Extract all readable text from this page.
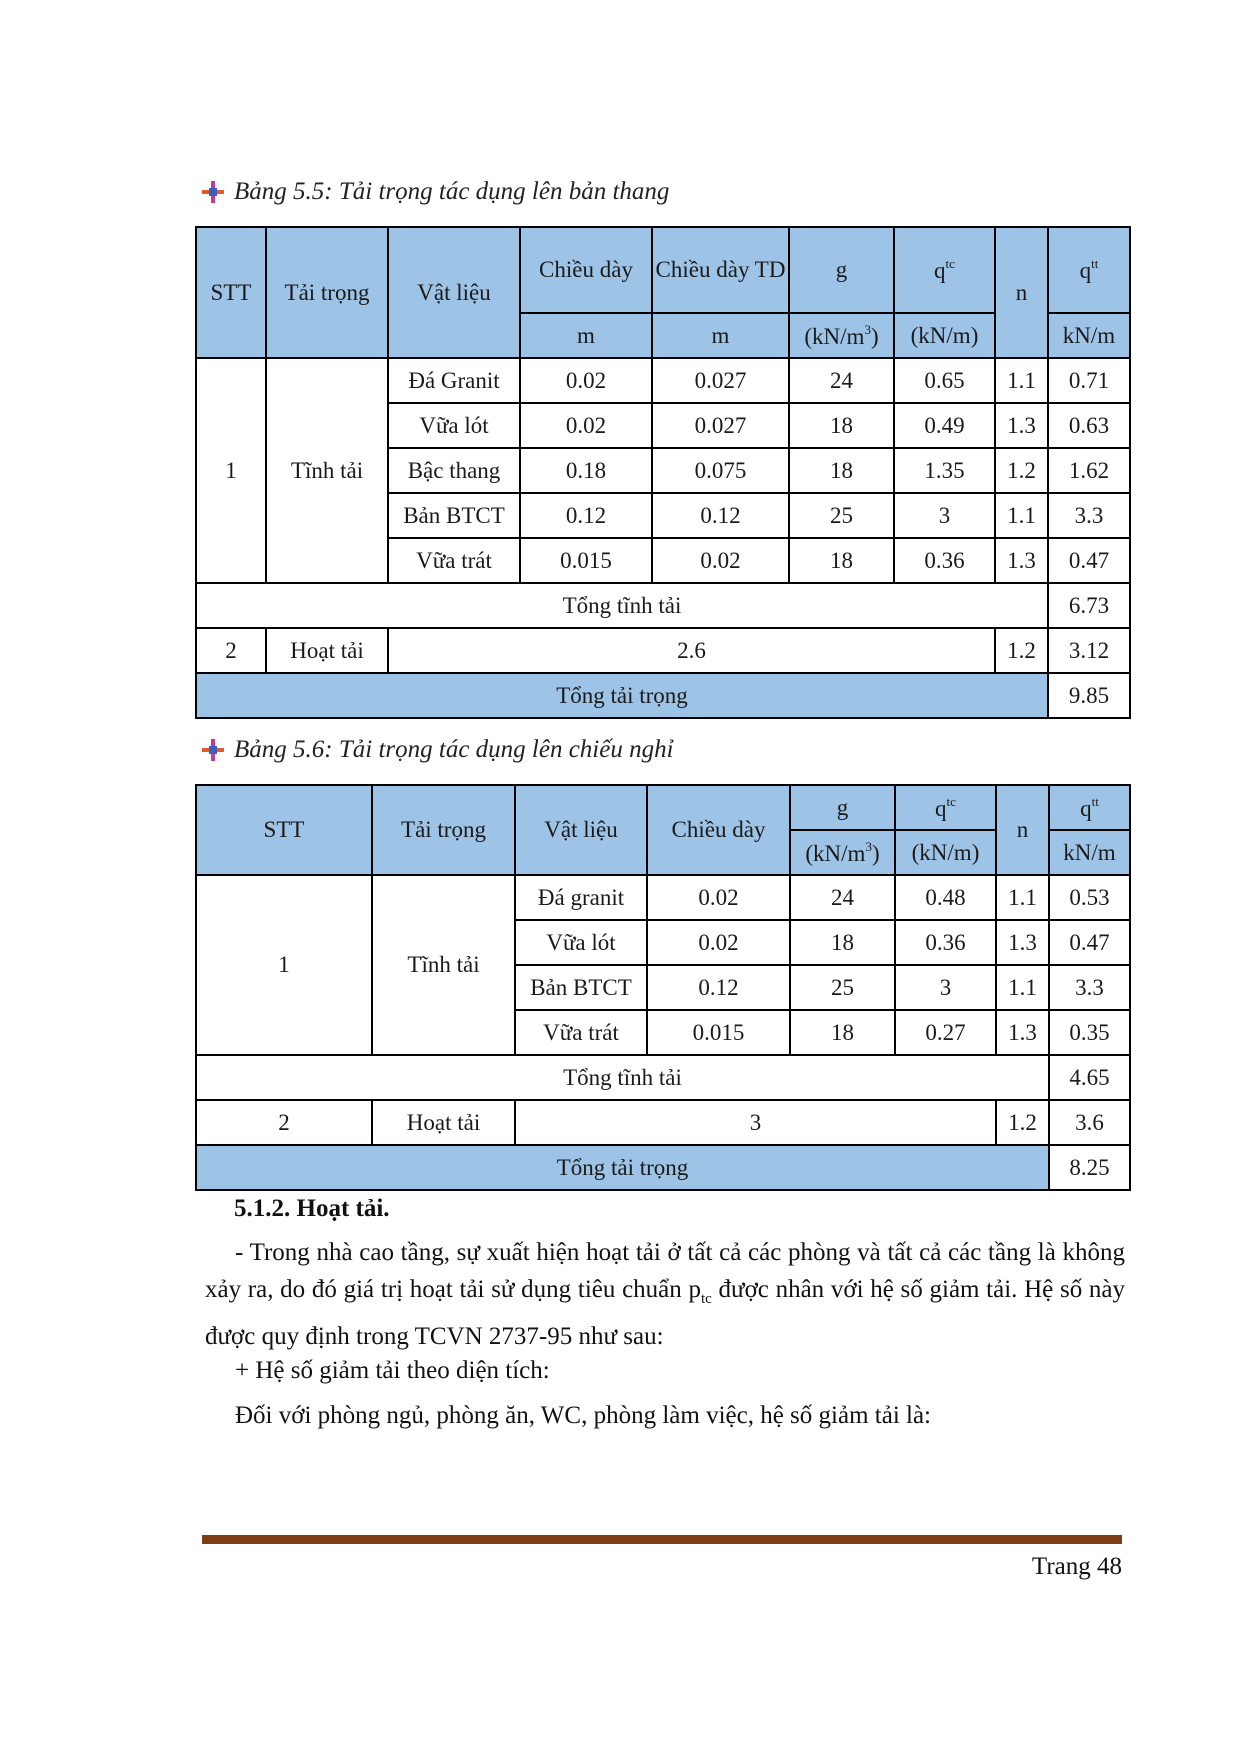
Bảng 5.5: Tải trọng tác dụng lên bản thang
STT	Tải trọng	Vật liệu	Chiều dày	Chiều dày TD	g	$q^{tc}$	n	$q^{tt}$
			m	m	$(kN/m^3)$	(kN/m)		kN/m
1	Tĩnh tải	Đá Granit	0.02	0.027	24	0.65	1.1	0.71
		Vữa lót	0.02	0.027	18	0.49	1.3	0.63
		Bậc thang	0.18	0.075	18	1.35	1.2	1.62
		Bản BTCT	0.12	0.12	25	3	1.1	3.3
		Vữa trát	0.015	0.02	18	0.36	1.3	0.47
Tổng tĩnh tải								6.73
2	Hoạt tải	2.6					1.2	3.12
Tổng tải trọng								9.85
Bảng 5.6: Tải trọng tác dụng lên chiếu nghỉ
STT	Tải trọng	Vật liệu	Chiều dày	g	$q^{tc}$	n	$q^{tt}$
				$(kN/m^3)$	(kN/m)		kN/m
1	Tĩnh tải	Đá granit	0.02	24	0.48	1.1	0.53
		Vữa lót	0.02	18	0.36	1.3	0.47
		Bản BTCT	0.12	25	3	1.1	3.3
		Vữa trát	0.015	18	0.27	1.3	0.35
Tổng tĩnh tải							4.65
2	Hoạt tải	3				1.2	3.6
Tổng tải trọng							8.25
5.1.2. Hoạt tải.
- Trong nhà cao tầng, sự xuất hiện hoạt tải ở tất cả các phòng và tất cả các tầng là không xảy ra, do đó giá trị hoạt tải sử dụng tiêu chuẩn $p_{tc}$ được nhân với hệ số giảm tải. Hệ số này được quy định trong TCVN 2737-95 như sau:
+ Hệ số giảm tải theo diện tích:
Đối với phòng ngủ, phòng ăn, WC, phòng làm việc, hệ số giảm tải là:
Trang 48
